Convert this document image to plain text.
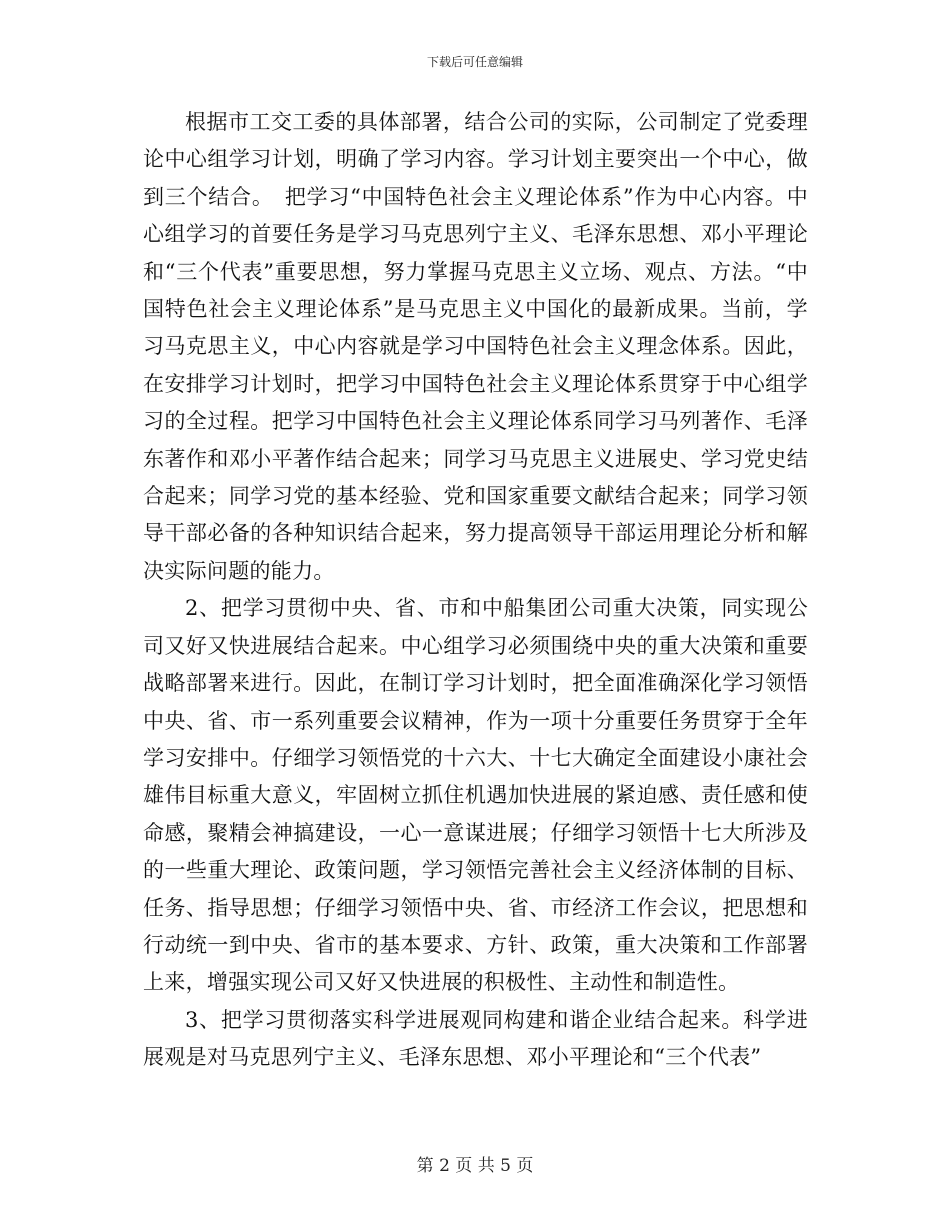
下载后可任意编辑

根据市工交工委的具体部署，结合公司的实际，公司制定了党委理论中心组学习计划，明确了学习内容。学习计划主要突出一个中心，做到三个结合。　把学习“中国特色社会主义理论体系”作为中心内容。中心组学习的首要任务是学习马克思列宁主义、毛泽东思想、邓小平理论和“三个代表”重要思想，努力掌握马克思主义立场、观点、方法。“中国特色社会主义理论体系”是马克思主义中国化的最新成果。当前，学习马克思主义，中心内容就是学习中国特色社会主义理念体系。因此，在安排学习计划时，把学习中国特色社会主义理论体系贯穿于中心组学习的全过程。把学习中国特色社会主义理论体系同学习马列著作、毛泽东著作和邓小平著作结合起来；同学习马克思主义进展史、学习党史结合起来；同学习党的基本经验、党和国家重要文献结合起来；同学习领导干部必备的各种知识结合起来，努力提高领导干部运用理论分析和解决实际问题的能力。

2、把学习贯彻中央、省、市和中船集团公司重大决策，同实现公司又好又快进展结合起来。中心组学习必须围绕中央的重大决策和重要战略部署来进行。因此，在制订学习计划时，把全面准确深化学习领悟中央、省、市一系列重要会议精神，作为一项十分重要任务贯穿于全年学习安排中。仔细学习领悟党的十六大、十七大确定全面建设小康社会雄伟目标重大意义，牢固树立抓住机遇加快进展的紧迫感、责任感和使命感，聚精会神搞建设，一心一意谋进展；仔细学习领悟十七大所涉及的一些重大理论、政策问题，学习领悟完善社会主义经济体制的目标、任务、指导思想；仔细学习领悟中央、省、市经济工作会议，把思想和行动统一到中央、省市的基本要求、方针、政策，重大决策和工作部署上来，增强实现公司又好又快进展的积极性、主动性和制造性。

3、把学习贯彻落实科学进展观同构建和谐企业结合起来。科学进展观是对马克思列宁主义、毛泽东思想、邓小平理论和“三个代表”

第 2 页 共 5 页
